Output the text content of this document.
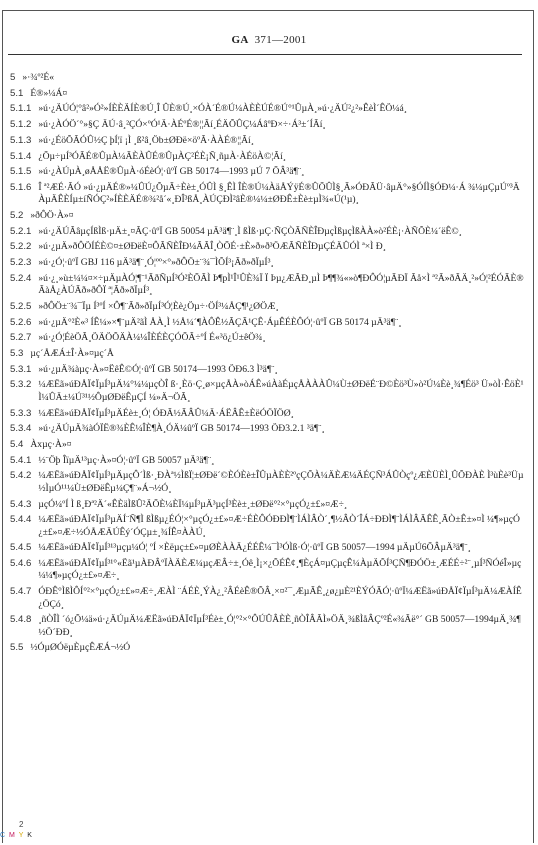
GA 371—2001
5 »·¾º²É«
5.1 É®»¼Á¤
5.1.1 »ú·¿ÄÚÓ¦°â²»Ó²»ÍÈÈÄÍÈ®Ú¸Î ÛÈ®Ú¸×ÓÀ´É®Ú¼ÀÈÈÚÉ®Ú°¹ÛµÀ¸»ú·¿ÄÚ²¿²»ÊèÌ´ÊÖ¼á¸
5.1.2 »ú·¿ÀÓÖ´°»§Ç ÄÚ·â¸²ÇÓ×ºÓ¹Ä·ÀÉºÉ®¦¦Ãí¸ÉÄÕÛÇ¼ÁâºÐ×÷·Á³±´ÍÃí¸
5.1.3 »ú·¿ÉöÕÃÓÛ½Ç þÍ¦ï ¡Ì ¸ß²â¸Öb±ØÐë×öºÃ·ÀÀÉ®¦¦Ãí¸
5.1.4 ¿Õµ÷µÍ³ÓÃÉ®ÛµÀ¼ÃÈÀÛÉ®ÛµÀÇ²ÉÈ¡Ñ¸ñµÀ·ÀÉöÀ©¦Ãí¸
5.1.5 »ú·¿ÀÚµÀ¸øÅÅË®ÛµÀ·óÉèÓ¦·ûºÏ GB 50174—1993 µÚ 7 ÕÂ³ä¶¨¸
5.1.6 Î ª²ÆÉ·ÃÓ »ú·¿µÄÉ®»¼ÛÚ¿ÕµÃ÷Èè±¸ÓÛÌ §¸ÊÌ ÎÈ®Ú¼ÀäÅÝÿÉ®ÛÕÛÌ§¸Ã»ÓÐÃÜ·âµÄ°»§ÓÍÌ§ÓÐ¼·Á ¾¼µÇµÚº³Ä ÀµÄÊÈÍµ±íÑÓÇ²»ÍÈÈÄÉ®¾²å´«¸ÐÎ³ßÅ¸ÀÚÇÐÌ²âÈ®¼¼±ØÐÊ±Èè±µÌ¾«Ú(¹µ)¸
5.2 »ðÔÖ·À»¤
5.2.1 »ú·¿ÄÚÃâµçÍßÌß·µÄ±¸¤ÃÇ·ûºÏ GB 50054 µÄ³ä¶¨¸Ì ßÌß·µÇ·ÑÇÒÃÑÈÎÐµçÌßµçÌßÀÀ»ò²ÉÈ¡·ÀÑÕÈ¼´ëÊ©¸
5.2.2 »ú·¿µÄ»ðÔÖÍÉÈ©¤±ØÐëÈ¤ÔÃÑÈÎÐ¼ÃÃÎ¸ÒÕÉ·±È»ð»ð³ÖÆÃÑÈÎÐµÇÉÄÛÓÌ ª×Ì Ð¸
5.2.3 »ú·¿Ó¦·ûºÏ GBJ 116 µÄ³ä¶¨¸Ó¦ºº×°»ðÔÖ±¨¾¯ÌÕÍ³¡Ãð»ðÏµÍ³¸
5.2.4 »ú·¿¸»ù±¼¼¤×÷µÄµÀÓ¦¶¨¹ÃðÑµÍ³Ó²ÈÕÃÌ Þ¶pÌ¹Î¹ÛÈ¾Ï Ï Þµ¿ÆÃÐ¸µÌ Þ¶¶¾«»ò¶ÐÔÓ¦µÃÐÏ Ãå×Ì ª²Ã»ðÃÄ¸²»Ó¦²ÉÓÃÈ®ÃàÅ¿ÀÚÃð»ðÔÏ ª¦Ãð»ðÏµÍ³¸
5.2.5 »ðÔÖ±¨¾¯Ïµ Í³ºÍ ×Ô¶¨Ãð»ðÏµÍ³Ó¦Èè¿Öµ÷·ÖÍ³¼ÅÇ¶¹¿ØÖÆ¸
5.2.6 »ú·¿µÄ°²È«³ ÍÊ¼»×¶¨µÄ²ãÌ ÅÀ¸Ì ½Å¼´¶ÀÔÊ½ÃÇÃ¹ÇÊ·ÁµÊÉÈÔÓ¦·ûºÏ GB 50174 µÄ³ä¶¨¸
5.2.7 »ú·¿Ó¦ÉèÖÃ¸ÖÄÖÕÄÀ¼¼ÎÈÉÈÇÓÕÃ÷ºÍ É«³ö¿Ú±êÖ¾¸
5.3 µç´ÅÆÁ±Î·À»¤µç´Å
5.3.1 »ú·¿µÄ¾àµç·À»¤ËêÊ©Ó¦·ûºÏ GB 50174—1993 ÖÐ6.3 Ì³ä¶¨¸
5.3.2 ¼ÆËã»úÐÅÏ¢ÏµÍ³µÄ¼°¼¼µçÒÎ ß·¸Èö·Ç¸ø×µçÅÀ»òÁÊ»úÀàÉµçÅÀÀÀÛ¼Ù±ØÐëÉ¨Ð©Èö³Ù»ò²Ú¼Èè¸¾¶Éö³ Ü»òÌ·ÊöÈ¹Ì¼ÛÄ±¼Ú³¹½ÔµØÐëÊµÇÍ ¼»Ä¬ÖÃ¸
5.3.3 ¼ÆËã»úÐÅÏ¢ÏµÍ³µÄÉè±¸Ó¦ ÓÐÃ½ÃÂÛ¼Ä·ÁËÂÊ±ÈëÓÖÏÖØ¸
5.3.4 »ú·¿ÄÚµÄ¾àÓÏË®¾ÈÊ¼ÎÈ¶À¸ÓÄ¼ûºÏ GB 50174—1993 ÖÐ3.2.1 ³ä¶¨¸
5.4 Àxµç·À»¤
5.4.1 ½¨Öþ ÎïµÄ¹³µç·À»¤Ó¦·ûºÏ GB 50057 µÄ³ä¶¨¸
5.4.2 ¼ÆËã»úÐÅÏ¢ÏµÍ³µÄµçÔ´Ìß·¸ÐÀª½ÌßÏ¦±ØÐë´©ÈÓÈè±ÎÛµÀÈÈ²ºçÇÕÀ¼ÄÈÆ¼ÄÉÇÑ³ÁÛÒçº¿ÆÈÜÈÌ¸ÛÕÐÀÈ Ì³ùÈè³Üµ½ÌµÓ¹¹¼Ù±ØÐëÊµ¼Ç¶¨»Á¬½Ó¸
5.4.3 µçÓ¼ºÍ Ì ß¸Ðª²Ä´«ÊÈäÌßÛ²ÄÕÈ¼ÈÏ¼µÍ³µÄ³µçÍ³Èè±¸±ØÐë°²×°µçÓ¿±£»¤Æ÷¸
5.4.4 ¼ÆËã»úÐÅÏ¢ÏµÍ³µÄÍ¨Ñ¶Ì ßÌßµ¿ÉÓ¦×°µçÓ¿±£»¤Æ÷ÉÈÔÓÐÐÌ¶¨ÌÁÌÂÒ´¸¶½ÂÒ´ÎÁ÷ÐÐÌ¶¨ÌÁÌÂÃÊÊ¸ÃÒ±Ê±»¤Ì ¼¶»µçÓ¿±£»¤Æ÷½ÓÅÆÄÚÊý´ÓÇµ±¸¾ÍÊ¤ÀÀÚ¸
5.4.5 ¼ÆËã»úÐÅÏ¢ÏµÍ³¹³µçµ¼Ó¦ ºÍ ×Èëµç±£»¤µØÈÀÀÄ¿ÉÉÊ¼¯Ì³ÓÌß·Ó¦·ûºÏ GB 50057—1994 µÄµÚ6ÕÂµÄ³ä¶¨¸
5.4.6 ¼ÆËã»úÐÅÏ¢ÏµÍ³¹°«Ëã¹µÀÐÂºÏÀÄÈÆ¼µçÆÂ÷±¸Óê¸Ì¡×¿ÕÉÊ¢¸¶ÈçÁ¤µÇµçÊ¼ÀµÄÕÍ³ÇÑ¶ÐÓÖ±¸ÆÉÉ÷²¨¸µÍ³ÑÓéÎ»µç¼¼¶»µçÓ¿±£»¤Æ÷¸
5.4.7 ÓÐÊ°ÌßÌÔÍ°²×°µçÓ¿±£»¤Æ÷¸ÆÀÌ ¨ÁÉÈ¸ÝÀ¿¸²ÂÉèÊ®ÕÂ¸×¤²¯¸ÆµÃÊ¸¿ø¿µÈ²¹ÈÝÓÃÓ¦·ûºÏ¼ÆËã»úÐÅÏ¢ÏµÍ³µÄ¼ÆÀÍÊ¿ÖÇó¸
5.4.8 ¸ñÒÎÌ ´ó¿Õ¼ä»ú·¿ÄÚµÄ¼ÆËã»úÐÅÏ¢ÏµÍ³Éè±¸Ó¦°²×°ÔÚÛÂÈÈ¸ñÒÎÂÃÌ»ÖÄ¸¾ßÌåÂÇº²É«¾Ãë°´ GB 50057—1994µÄ¸¾¶½Ö´ÐÐ¸
5.5 ½ÓµØÓëµÈµçÊÆÁ¬½Ó
2
C M Y K
